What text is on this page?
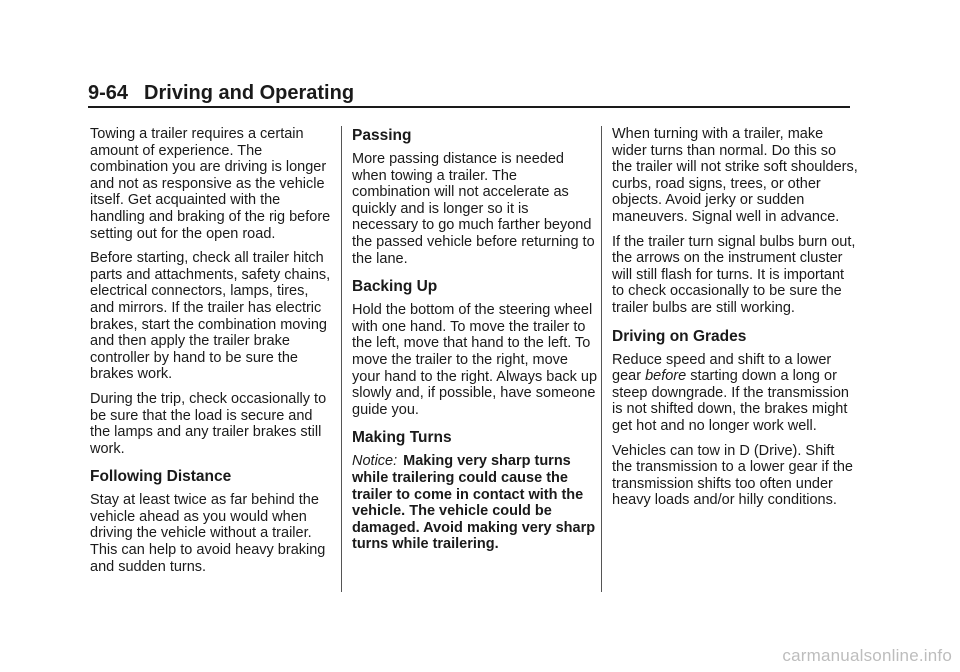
9-64 Driving and Operating

Towing a trailer requires a certain amount of experience. The combination you are driving is longer and not as responsive as the vehicle itself. Get acquainted with the handling and braking of the rig before setting out for the open road.

Before starting, check all trailer hitch parts and attachments, safety chains, electrical connectors, lamps, tires, and mirrors. If the trailer has electric brakes, start the combination moving and then apply the trailer brake controller by hand to be sure the brakes work.

During the trip, check occasionally to be sure that the load is secure and the lamps and any trailer brakes still work.

Following Distance

Stay at least twice as far behind the vehicle ahead as you would when driving the vehicle without a trailer. This can help to avoid heavy braking and sudden turns.

Passing

More passing distance is needed when towing a trailer. The combination will not accelerate as quickly and is longer so it is necessary to go much farther beyond the passed vehicle before returning to the lane.

Backing Up

Hold the bottom of the steering wheel with one hand. To move the trailer to the left, move that hand to the left. To move the trailer to the right, move your hand to the right. Always back up slowly and, if possible, have someone guide you.

Making Turns

Notice: Making very sharp turns while trailering could cause the trailer to come in contact with the vehicle. The vehicle could be damaged. Avoid making very sharp turns while trailering.

When turning with a trailer, make wider turns than normal. Do this so the trailer will not strike soft shoulders, curbs, road signs, trees, or other objects. Avoid jerky or sudden maneuvers. Signal well in advance.

If the trailer turn signal bulbs burn out, the arrows on the instrument cluster will still flash for turns. It is important to check occasionally to be sure the trailer bulbs are still working.

Driving on Grades

Reduce speed and shift to a lower gear before starting down a long or steep downgrade. If the transmission is not shifted down, the brakes might get hot and no longer work well.

Vehicles can tow in D (Drive). Shift the transmission to a lower gear if the transmission shifts too often under heavy loads and/or hilly conditions.

carmanualsonline.info
